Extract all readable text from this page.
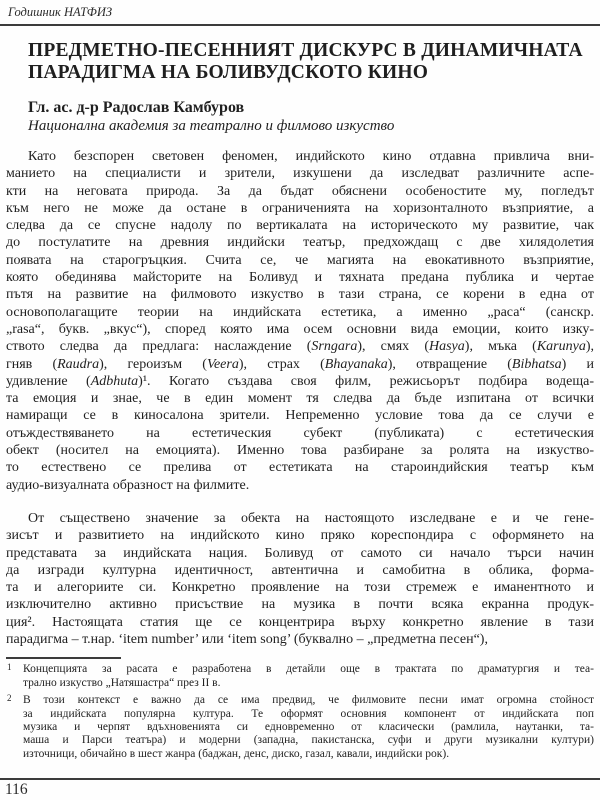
Годишник НАТФИЗ
ПРЕДМЕТНО-ПЕСЕННИЯТ ДИСКУРС В ДИНАМИЧНАТА
ПАРАДИГМА НА БОЛИВУДСКОТО КИНО
Гл. ас. д-р Радослав Камбуров
Национална академия за театрално и филмово изкуство
Като безспорен световен феномен, индийското кино отдавна привлича вни-
манието на специалисти и зрители, изкушени да изследват различните аспе-
кти на неговата природа. За да бъдат обяснени особеностите му, погледът
към него не може да остане в ограниченията на хоризонталното възприятие, а
следва да се спусне надолу по вертикалата на историческото му развитие, чак
до постулатите на древния индийски театър, предхождащ с две хилядолетия
появата на старогръцкия. Счита се, че магията на евокативното възприятие,
която обединява майсторите на Боливуд и тяхната предана публика и чертае
пътя на развитие на филмовото изкуство в тази страна, се корени в една от
основополагащите теории на индийската естетика, а именно „раса“ (санскр.
„rasa“, букв. „вкус“), според която има осем основни вида емоции, които изку-
ството следва да предлага: наслаждение (Srngara), смях (Hasya), мъка (Karunya),
гняв (Raudra), героизъм (Veera), страх (Bhayanaka), отвращение (Bibhatsa) и
удивление (Adbhuta)¹. Когато създава своя филм, режисьорът подбира водеща-
та емоция и знае, че в един момент тя следва да бъде изпитана от всички
намиращи се в киносалона зрители. Непременно условие това да се случи е
отъждествяването на естетическия субект (публиката) с естетическия
обект (носител на емоцията). Именно това разбиране за ролята на изкуство-
то естествено се прелива от естетиката на староиндийския театър към
аудио-визуалната образност на филмите.
От съществено значение за обекта на настоящото изследване е и че гене-
зисът и развитието на индийското кино пряко кореспондира с оформянето на
представата за индийската нация. Боливуд от самото си начало търси начин
да изгради културна идентичност, автентична и самобитна в облика, форма-
та и алегориите си. Конкретно проявление на този стремеж е иманентното и
изключително активно присъствие на музика в почти всяка екранна продук-
ция². Настоящата статия ще се концентрира върху конкретно явление в тази
парадигма – т.нар. ‘item number’ или ‘item song’ (буквално – „предметна песен“),
1 Концепцията за расата е разработена в детайли още в трактата по драматургия и теа-
трално изкуство „Натяшастра“ през II в.
2 В този контекст е важно да се има предвид, че филмовите песни имат огромна стойност
за индийската популярна култура. Те оформят основния компонент от индийската поп
музика и черпят вдъхновенията си едновременно от класически (рамлила, наутанки, та-
маша и Парси театъра) и модерни (западна, пакистанска, суфи и други музикални култури)
източници, обичайно в шест жанра (баджан, денс, диско, газал, кавали, индийски рок).
116
